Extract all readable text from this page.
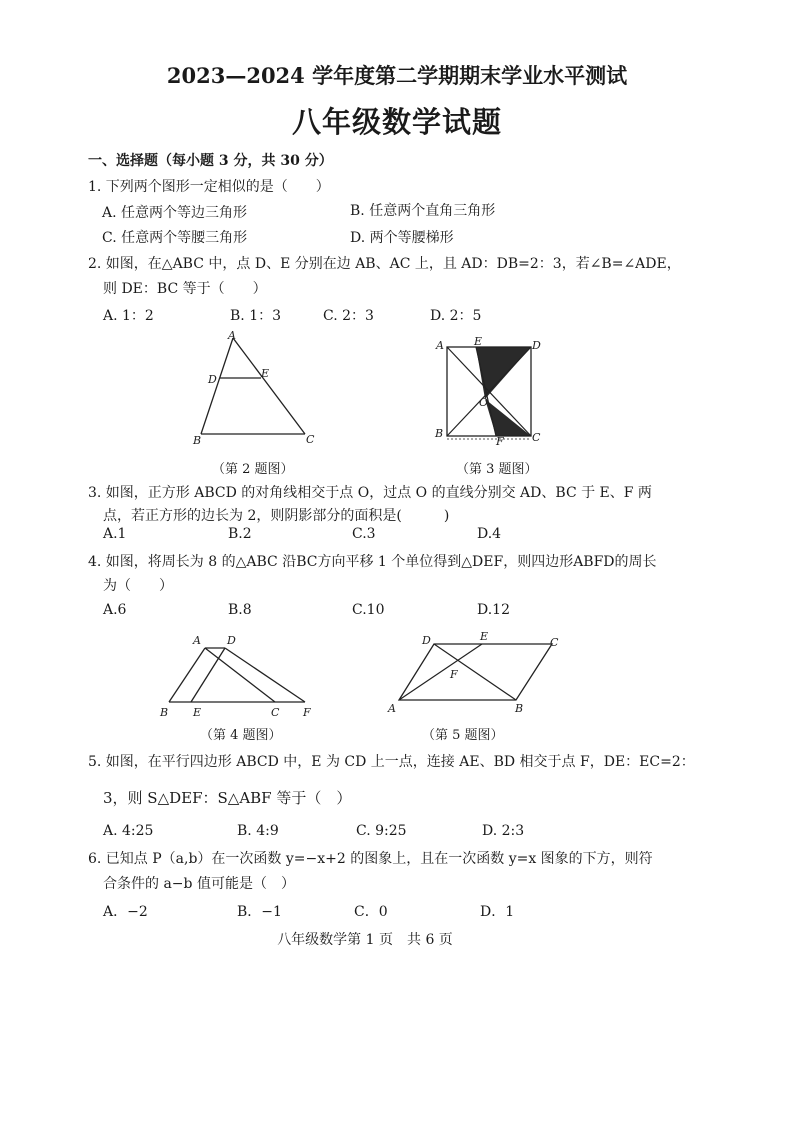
2023—2024 学年度第二学期期末学业水平测试
八年级数学试题
一、选择题（每小题 3 分，共 30 分）
1. 下列两个图形一定相似的是（　　）
A. 任意两个等边三角形	B. 任意两个直角三角形
C. 任意两个等腰三角形	D. 两个等腰梯形
2. 如图，在△ABC 中，点 D、E 分别在边 AB、AC 上，且 AD：DB=2：3，若∠B=∠ADE，
则 DE：BC 等于（　　）
A. 1：2	B. 1：3	C. 2：3	D. 2：5
A
D	E
B	C
（第 2 题图）
A	E	D
O
B
F	C
（第 3 题图）
3. 如图，正方形 ABCD 的对角线相交于点 O，过点 O 的直线分别交 AD、BC 于 E、F 两
点，若正方形的边长为 2，则阴影部分的面积是(　　　)
A.1	B.2	C.3	D.4
4. 如图，将周长为 8 的△ABC 沿BC方向平移 1 个单位得到△DEF，则四边形ABFD的周长
为（　　）
A.6	B.8	C.10	D.12
A D
B E	C F
（第 4 题图）
D	E	C
F
A	B
（第 5 题图）
5. 如图，在平行四边形 ABCD 中，E 为 CD 上一点，连接 AE、BD 相交于点 F，DE：EC=2：
3，则 S△DEF：S△ABF 等于（　）
A. 4:25	B. 4:9	C. 9:25	D. 2:3
6. 已知点 P（a,b）在一次函数 y=−x+2 的图象上，且在一次函数 y=x 图象的下方，则符
合条件的 a−b 值可能是（　）
A．−2	B．−1	C．0	D．1
八年级数学第 1 页　共 6 页
